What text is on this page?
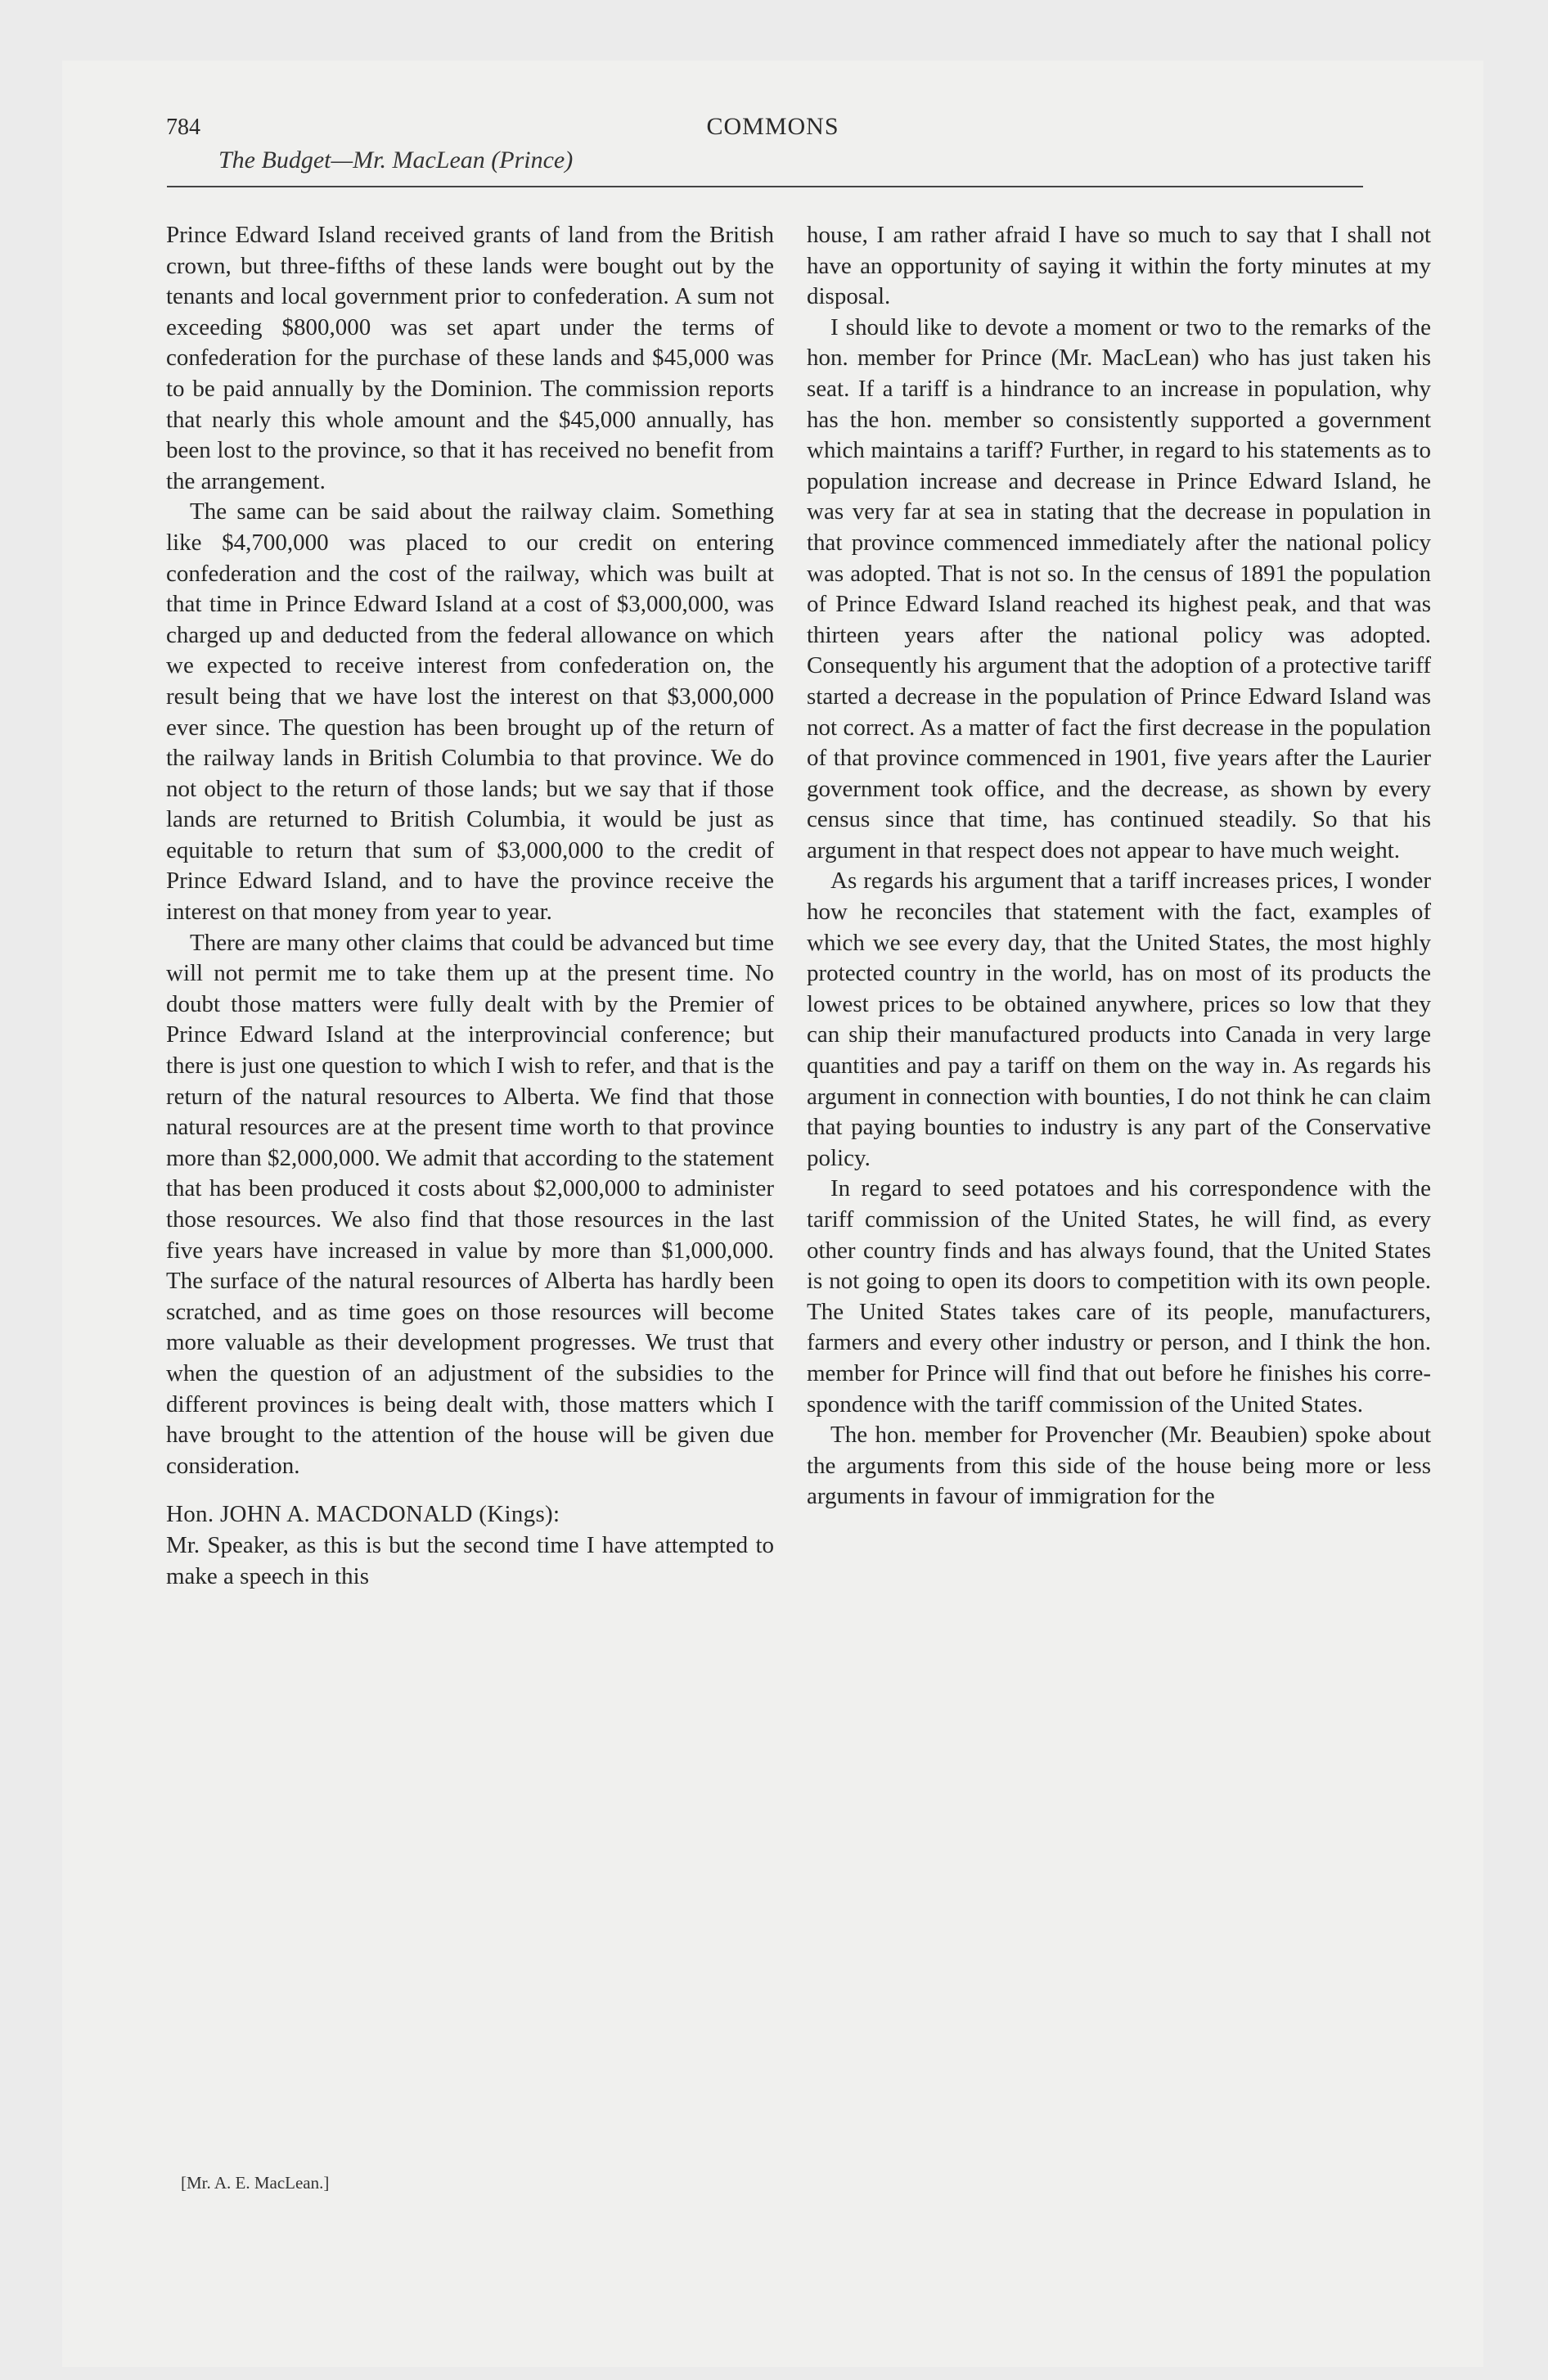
784	COMMONS
The Budget—Mr. MacLean (Prince)

Prince Edward Island received grants of land from the British crown, but three-fifths of these lands were bought out by the tenants and local government prior to confederation. A sum not exceeding $800,000 was set apart under the terms of confederation for the purchase of these lands and $45,000 was to be paid annually by the Dominion. The commission reports that nearly this whole amount and the $45,000 annually, has been lost to the province, so that it has received no benefit from the arrangement.

The same can be said about the railway claim. Something like $4,700,000 was placed to our credit on entering confederation and the cost of the railway, which was built at that time in Prince Edward Island at a cost of $3,000,000, was charged up and deducted from the federal allowance on which we expected to receive interest from confederation on, the result being that we have lost the interest on that $3,000,000 ever since. The question has been brought up of the return of the railway lands in British Columbia to that province. We do not object to the return of those lands; but we say that if those lands are returned to British Columbia, it would be just as equitable to return that sum of $3,000,000 to the credit of Prince Edward Island, and to have the province receive the interest on that money from year to year.

There are many other claims that could be advanced but time will not permit me to take them up at the present time. No doubt those matters were fully dealt with by the Premier of Prince Edward Island at the interprovincial conference; but there is just one question to which I wish to refer, and that is the return of the natural resources to Alberta. We find that those natural resources are at the present time worth to that province more than $2,000,000. We admit that according to the statement that has been produced it costs about $2,000,000 to administer those resources. We also find that those resources in the last five years have increased in value by more than $1,000,000. The surface of the natural resources of Alberta has hardly been scratched, and as time goes on those resources will become more valuable as their development progresses. We trust that when the question of an adjustment of the subsidies to the different provinces is being dealt with, those matters which I have brought to the attention of the house will be given due consideration.

Hon. JOHN A. MACDONALD (Kings):

Mr. Speaker, as this is but the second time I have attempted to make a speech in this

house, I am rather afraid I have so much to say that I shall not have an opportunity of saying it within the forty minutes at my disposal.

I should like to devote a moment or two to the remarks of the hon. member for Prince (Mr. MacLean) who has just taken his seat. If a tariff is a hindrance to an increase in population, why has the hon. member so consistently supported a government which maintains a tariff? Further, in regard to his statements as to population increase and decrease in Prince Edward Island, he was very far at sea in stating that the decrease in population in that province commenced immediately after the national policy was adopted. That is not so. In the census of 1891 the population of Prince Edward Island reached its highest peak, and that was thirteen years after the national policy was adopted. Consequently his argument that the adoption of a protective tariff started a decrease in the population of Prince Edward Island was not correct. As a matter of fact the first decrease in the population of that province commenced in 1901, five years after the Laurier government took office, and the decrease, as shown by every census since that time, has continued steadily. So that his argument in that respect does not appear to have much weight.

As regards his argument that a tariff increases prices, I wonder how he reconciles that statement with the fact, examples of which we see every day, that the United States, the most highly protected country in the world, has on most of its products the lowest prices to be obtained anywhere, prices so low that they can ship their manufactured products into Canada in very large quantities and pay a tariff on them on the way in. As regards his argument in connection with bounties, I do not think he can claim that paying bounties to industry is any part of the Conservative policy.

In regard to seed potatoes and his correspondence with the tariff commission of the United States, he will find, as every other country finds and has always found, that the United States is not going to open its doors to competition with its own people. The United States takes care of its people, manufacturers, farmers and every other industry or person, and I think the hon. member for Prince will find that out before he finishes his correspondence with the tariff commission of the United States.

The hon. member for Provencher (Mr. Beaubien) spoke about the arguments from this side of the house being more or less arguments in favour of immigration for the

[Mr. A. E. MacLean.]
